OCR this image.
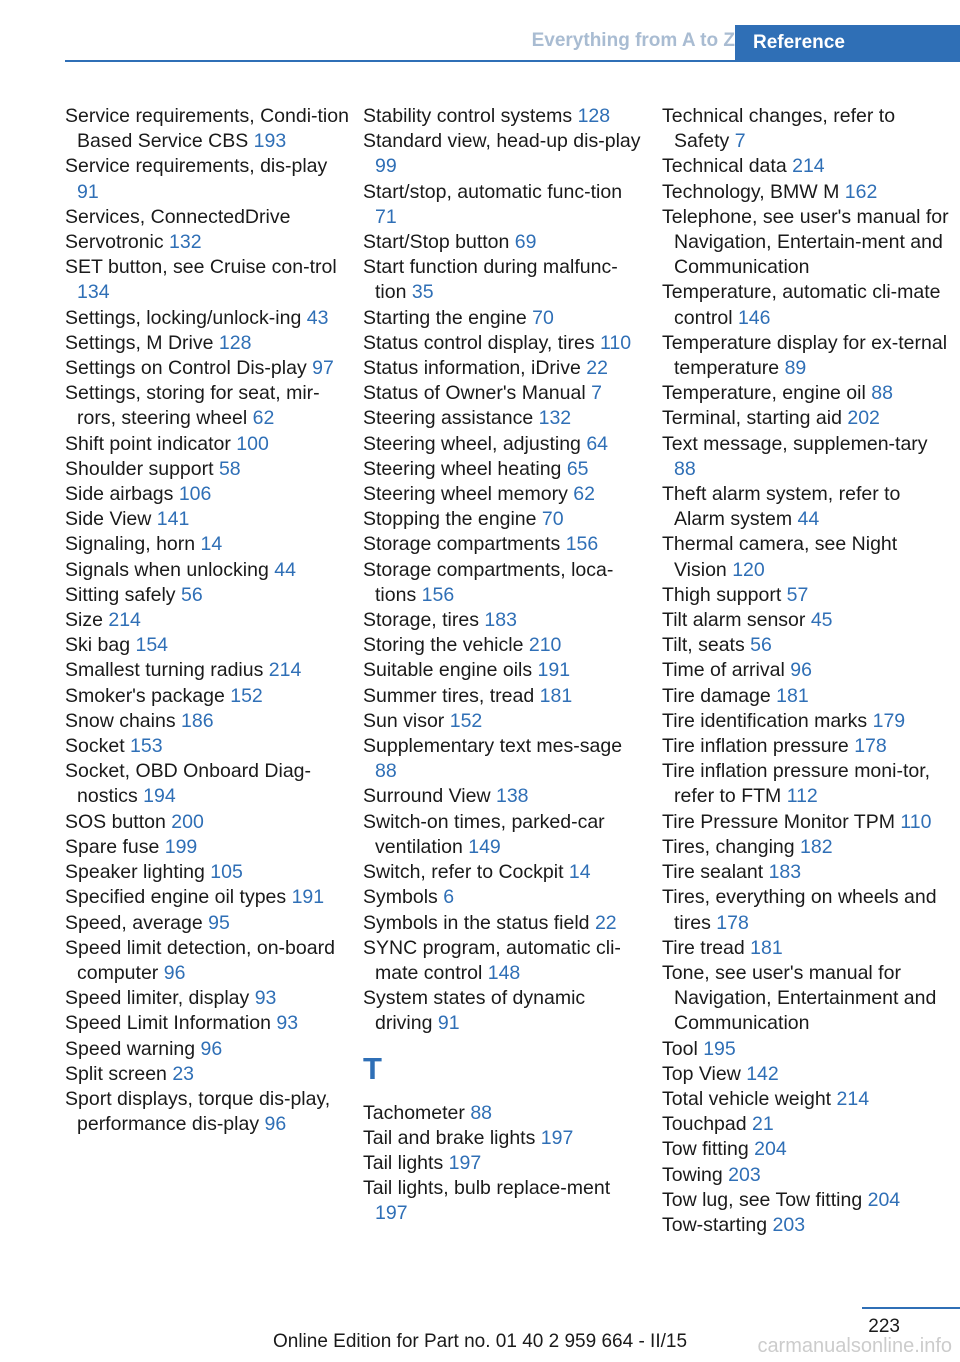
Everything from A to Z Reference
Service requirements, Condi-tion Based Service CBS 193
Service requirements, dis-play 91
Services, ConnectedDrive
Servotronic 132
SET button, see Cruise con-trol 134
Settings, locking/unlock-ing 43
Settings, M Drive 128
Settings on Control Dis-play 97
Settings, storing for seat, mir-rors, steering wheel 62
Shift point indicator 100
Shoulder support 58
Side airbags 106
Side View 141
Signaling, horn 14
Signals when unlocking 44
Sitting safely 56
Size 214
Ski bag 154
Smallest turning radius 214
Smoker's package 152
Snow chains 186
Socket 153
Socket, OBD Onboard Diag-nostics 194
SOS button 200
Spare fuse 199
Speaker lighting 105
Specified engine oil types 191
Speed, average 95
Speed limit detection, on-board computer 96
Speed limiter, display 93
Speed Limit Information 93
Speed warning 96
Split screen 23
Sport displays, torque dis-play, performance dis-play 96
Stability control systems 128
Standard view, head-up dis-play 99
Start/stop, automatic func-tion 71
Start/Stop button 69
Start function during malfunc-tion 35
Starting the engine 70
Status control display, tires 110
Status information, iDrive 22
Status of Owner's Manual 7
Steering assistance 132
Steering wheel, adjusting 64
Steering wheel heating 65
Steering wheel memory 62
Stopping the engine 70
Storage compartments 156
Storage compartments, loca-tions 156
Storage, tires 183
Storing the vehicle 210
Suitable engine oils 191
Summer tires, tread 181
Sun visor 152
Supplementary text mes-sage 88
Surround View 138
Switch-on times, parked-car ventilation 149
Switch, refer to Cockpit 14
Symbols 6
Symbols in the status field 22
SYNC program, automatic cli-mate control 148
System states of dynamic driving 91
T
Tachometer 88
Tail and brake lights 197
Tail lights 197
Tail lights, bulb replace-ment 197
Technical changes, refer to Safety 7
Technical data 214
Technology, BMW M 162
Telephone, see user's manual for Navigation, Entertain-ment and Communication
Temperature, automatic cli-mate control 146
Temperature display for ex-ternal temperature 89
Temperature, engine oil 88
Terminal, starting aid 202
Text message, supplemen-tary 88
Theft alarm system, refer to Alarm system 44
Thermal camera, see Night Vision 120
Thigh support 57
Tilt alarm sensor 45
Tilt, seats 56
Time of arrival 96
Tire damage 181
Tire identification marks 179
Tire inflation pressure 178
Tire inflation pressure moni-tor, refer to FTM 112
Tire Pressure Monitor TPM 110
Tires, changing 182
Tire sealant 183
Tires, everything on wheels and tires 178
Tire tread 181
Tone, see user's manual for Navigation, Entertainment and Communication
Tool 195
Top View 142
Total vehicle weight 214
Touchpad 21
Tow fitting 204
Towing 203
Tow lug, see Tow fitting 204
Tow-starting 203
223
Online Edition for Part no. 01 40 2 959 664 - II/15	carmanualsonline.info
